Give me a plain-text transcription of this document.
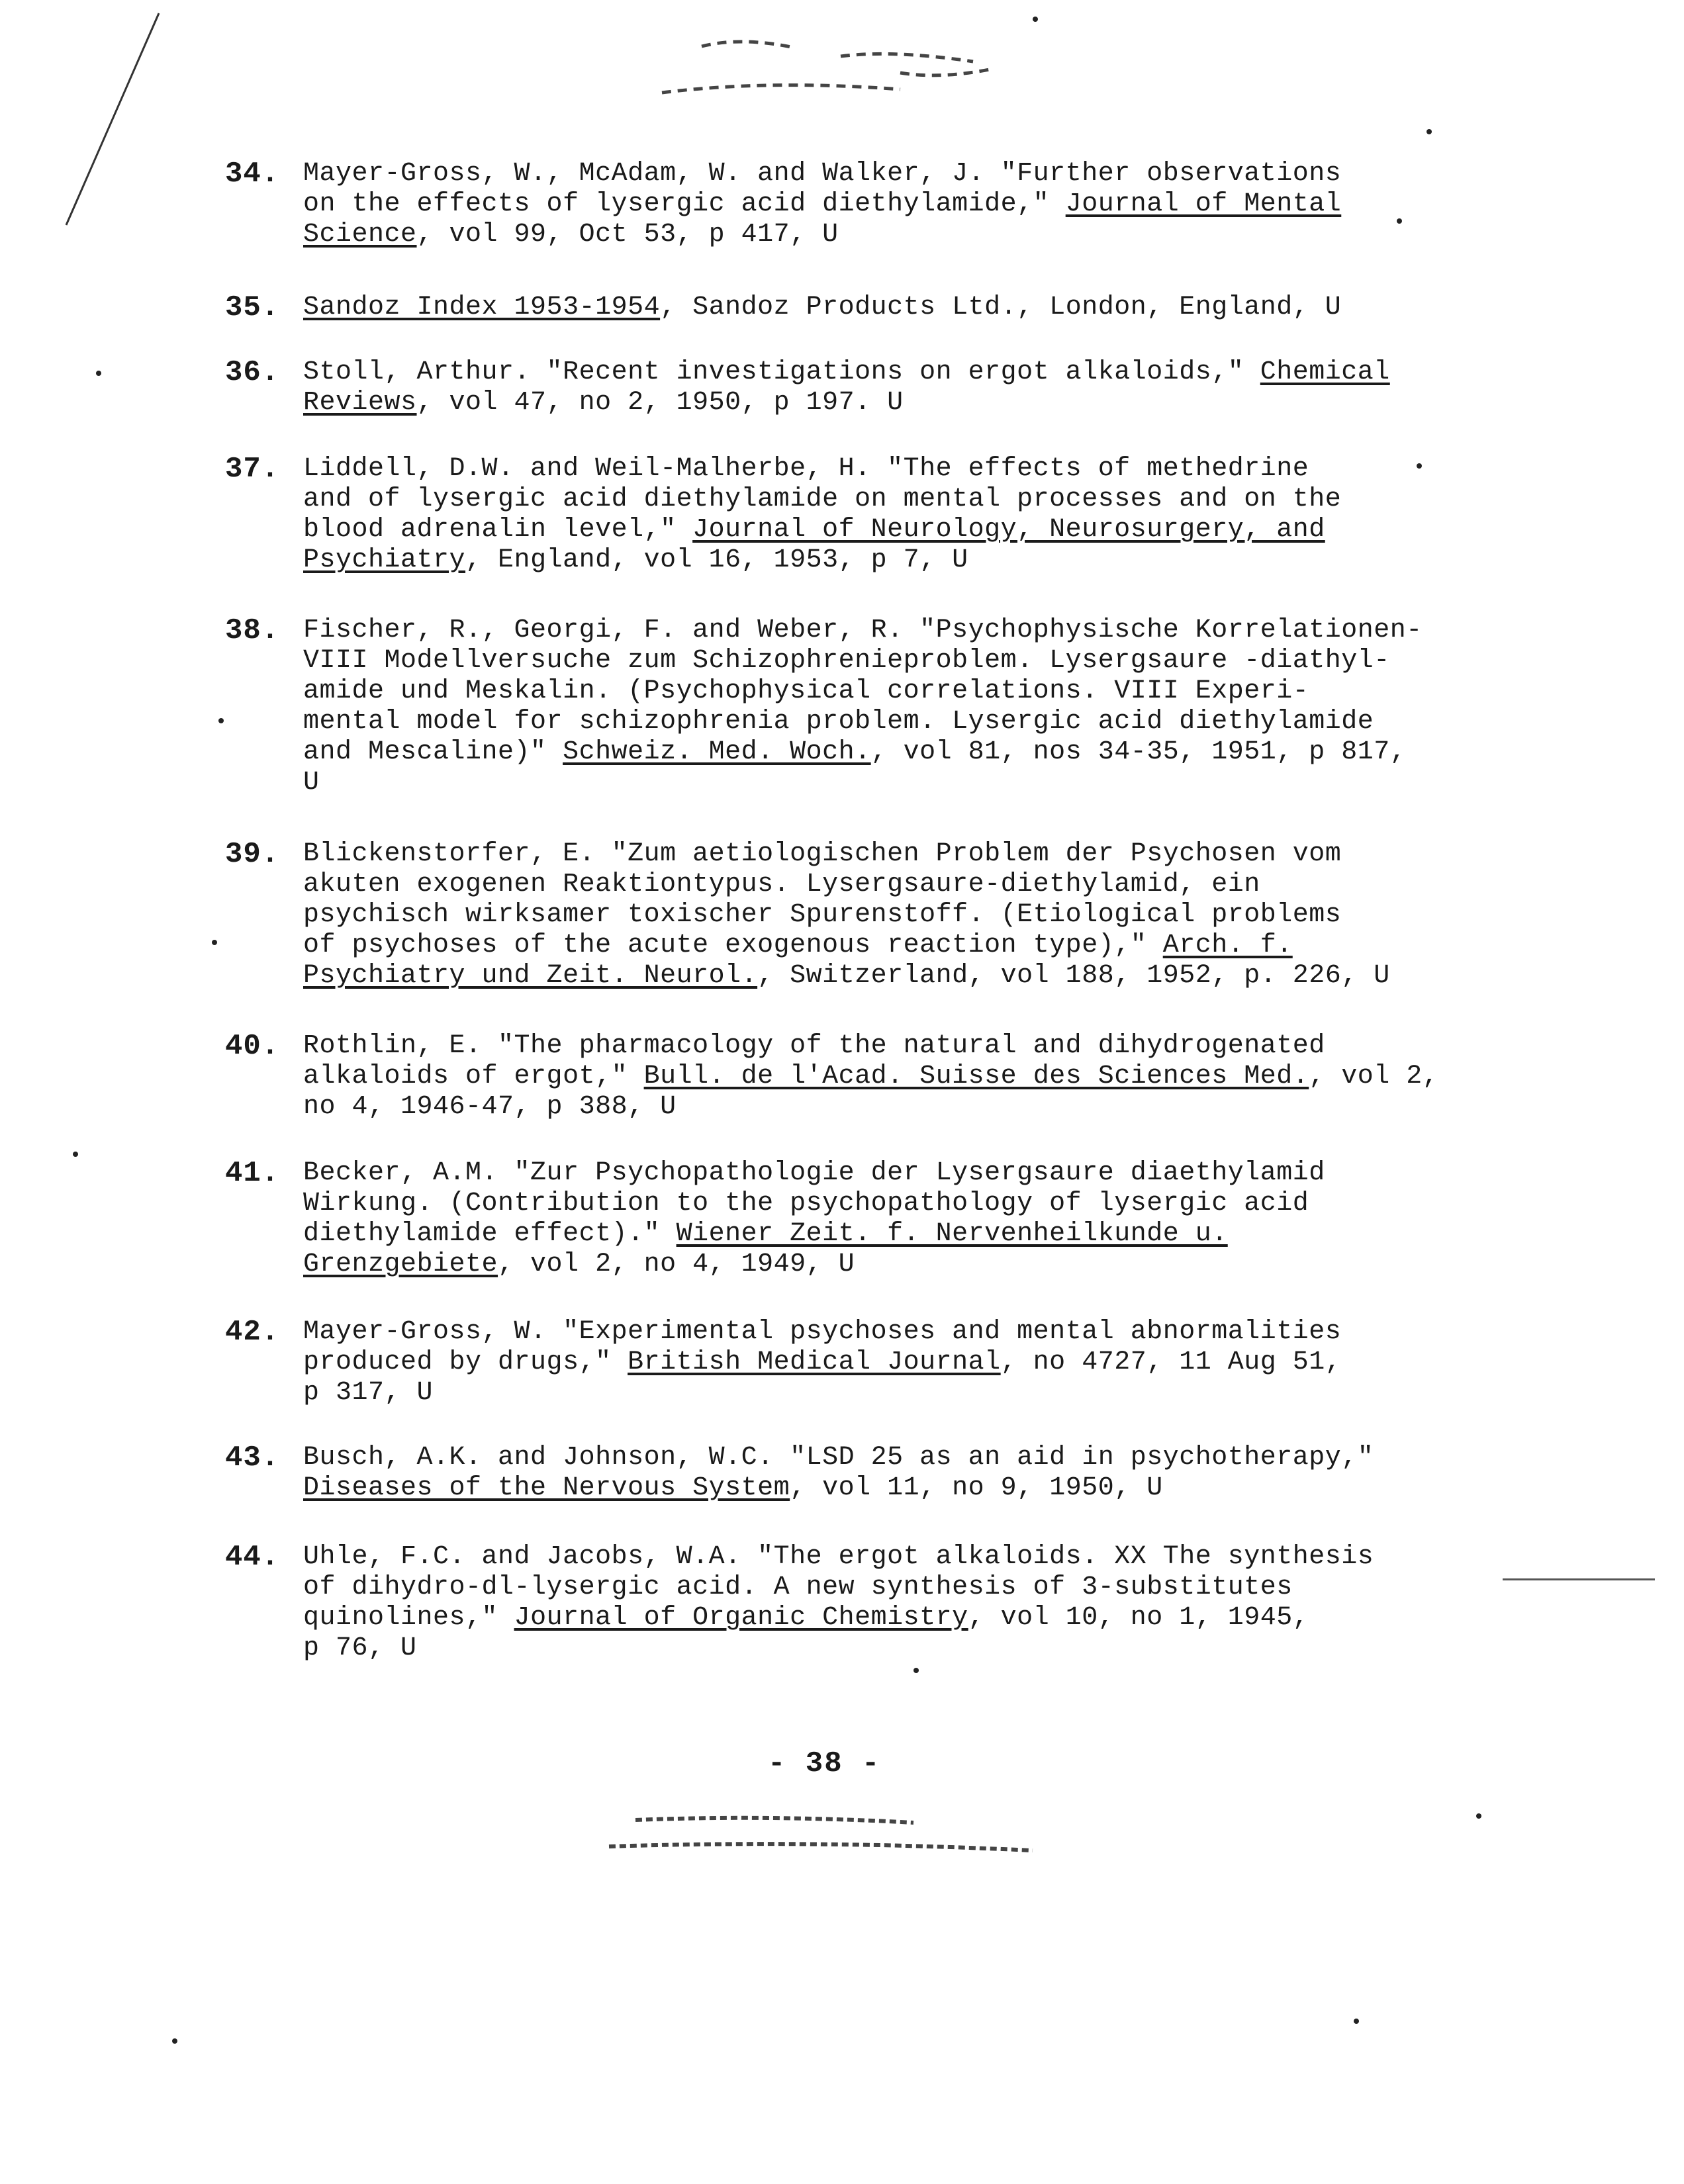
34. Mayer-Gross, W., McAdam, W. and Walker, J. "Further observations
on the effects of lysergic acid diethylamide," Journal of Mental
Science, vol 99, Oct 53, p 417, U
35. Sandoz Index 1953-1954, Sandoz Products Ltd., London, England, U
36. Stoll, Arthur. "Recent investigations on ergot alkaloids," Chemical
Reviews, vol 47, no 2, 1950, p 197. U
37. Liddell, D.W. and Weil-Malherbe, H. "The effects of methedrine
and of lysergic acid diethylamide on mental processes and on the
blood adrenalin level," Journal of Neurology, Neurosurgery, and
Psychiatry, England, vol 16, 1953, p 7, U
38. Fischer, R., Georgi, F. and Weber, R. "Psychophysische Korrelationen-
VIII Modellversuche zum Schizophrenieproblem. Lysergsaure -diathyl-
amide und Meskalin. (Psychophysical correlations. VIII Experi-
mental model for schizophrenia problem. Lysergic acid diethylamide
and Mescaline)" Schweiz. Med. Woch., vol 81, nos 34-35, 1951, p 817,
U
39. Blickenstorfer, E. "Zum aetiologischen Problem der Psychosen vom
akuten exogenen Reaktiontypus. Lysergsaure-diethylamid, ein
psychisch wirksamer toxischer Spurenstoff. (Etiological problems
of psychoses of the acute exogenous reaction type)," Arch. f.
Psychiatry und Zeit. Neurol., Switzerland, vol 188, 1952, p. 226, U
40. Rothlin, E. "The pharmacology of the natural and dihydrogenated
alkaloids of ergot," Bull. de l'Acad. Suisse des Sciences Med., vol 2,
no 4, 1946-47, p 388, U
41. Becker, A.M. "Zur Psychopathologie der Lysergsaure diaethylamid
Wirkung. (Contribution to the psychopathology of lysergic acid
diethylamide effect)." Wiener Zeit. f. Nervenheilkunde u.
Grenzgebiete, vol 2, no 4, 1949, U
42. Mayer-Gross, W. "Experimental psychoses and mental abnormalities
produced by drugs," British Medical Journal, no 4727, 11 Aug 51,
p 317, U
43. Busch, A.K. and Johnson, W.C. "LSD 25 as an aid in psychotherapy,"
Diseases of the Nervous System, vol 11, no 9, 1950, U
44. Uhle, F.C. and Jacobs, W.A. "The ergot alkaloids. XX The synthesis
of dihydro-dl-lysergic acid. A new synthesis of 3-substitutes
quinolines," Journal of Organic Chemistry, vol 10, no 1, 1945,
p 76, U
- 38 -
